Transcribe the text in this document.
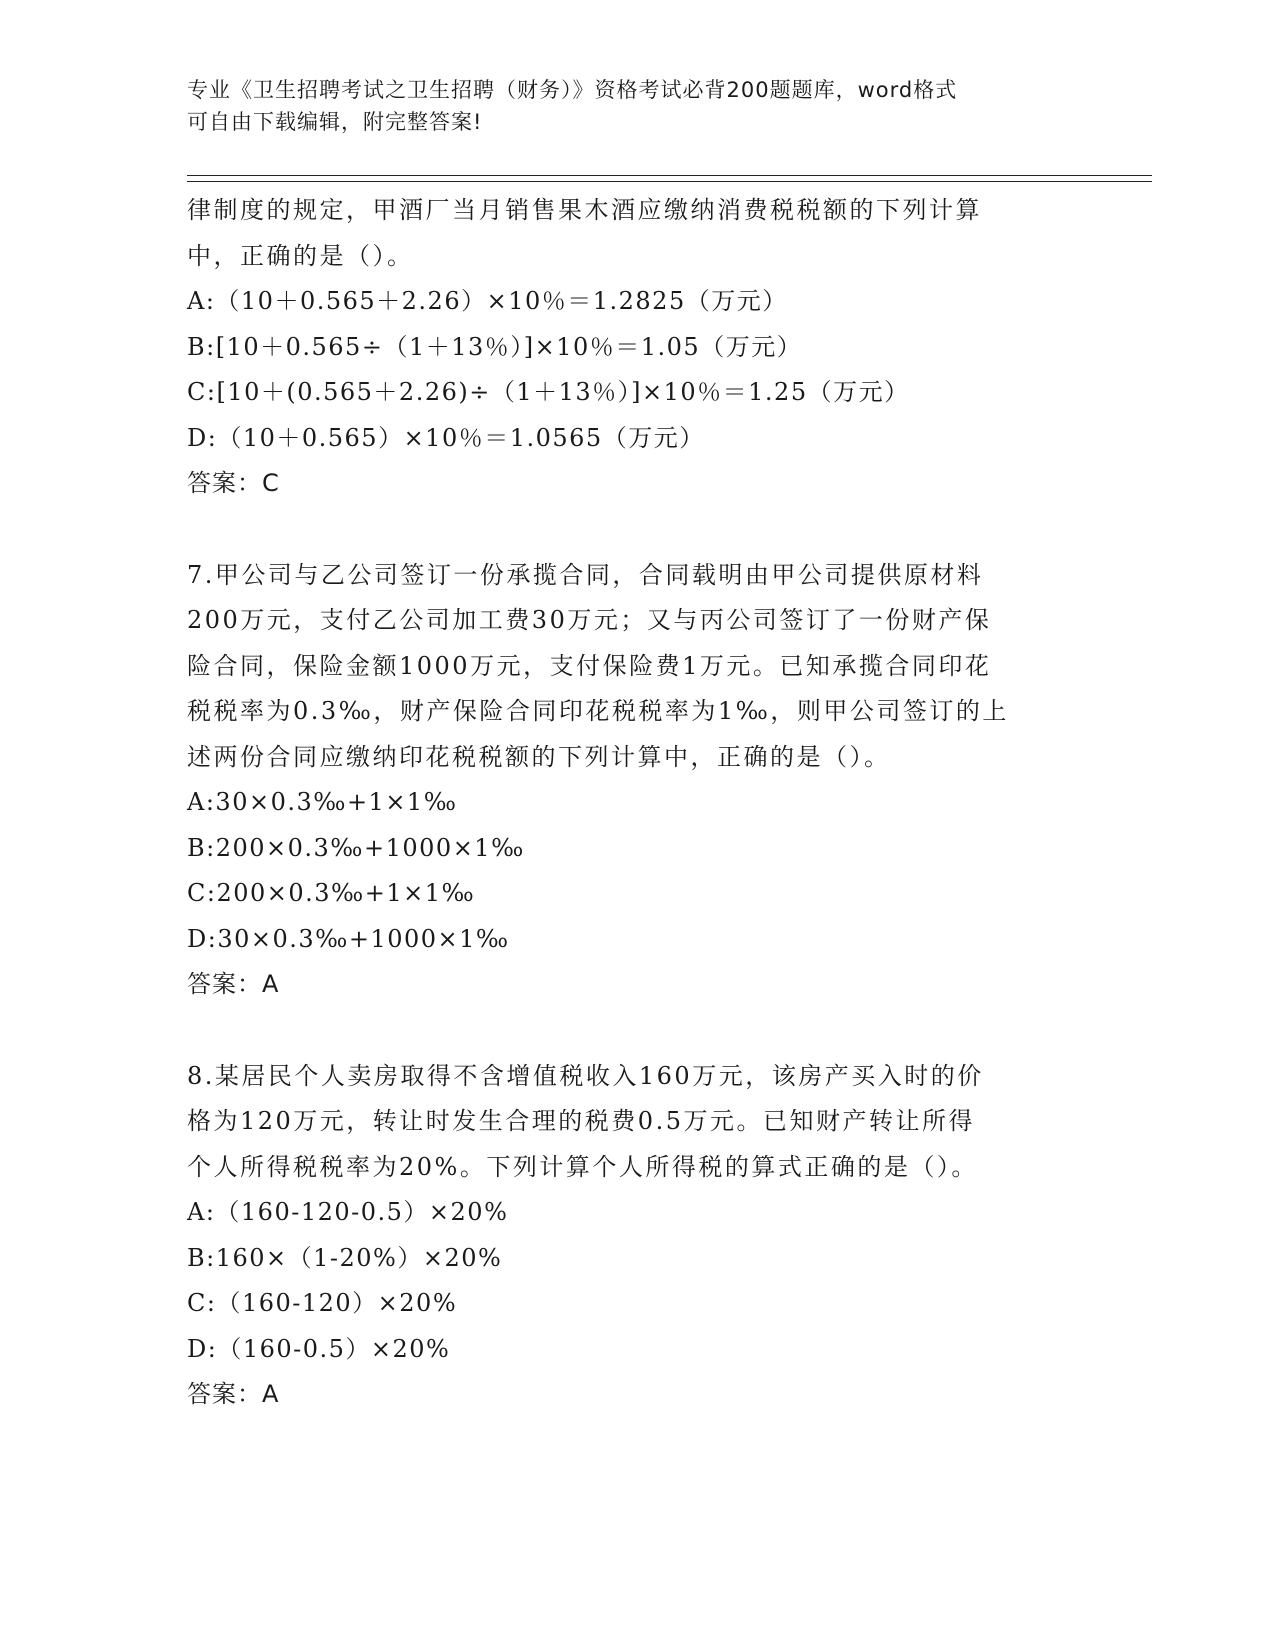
专业《卫生招聘考试之卫生招聘（财务）》资格考试必背200题题库，word格式
可自由下载编辑，附完整答案!

律制度的规定，甲酒厂当月销售果木酒应缴纳消费税税额的下列计算

中，正确的是（）。

A:（10＋0.565＋2.26）×10％＝1.2825（万元）

B:[10＋0.565÷（1＋13％）]×10％＝1.05（万元）

C:[10＋(0.565＋2.26)÷（1＋13％）]×10％＝1.25（万元）

D:（10＋0.565）×10％＝1.0565（万元）

答案：C

7.甲公司与乙公司签订一份承揽合同，合同载明由甲公司提供原材料

200万元，支付乙公司加工费30万元；又与丙公司签订了一份财产保

险合同，保险金额1000万元，支付保险费1万元。已知承揽合同印花

税税率为0.3‰，财产保险合同印花税税率为1‰，则甲公司签订的上

述两份合同应缴纳印花税税额的下列计算中，正确的是（）。

A:30×0.3‰+1×1‰

B:200×0.3‰+1000×1‰

C:200×0.3‰+1×1‰

D:30×0.3‰+1000×1‰

答案：A

8.某居民个人卖房取得不含增值税收入160万元，该房产买入时的价

格为120万元，转让时发生合理的税费0.5万元。已知财产转让所得

个人所得税税率为20%。下列计算个人所得税的算式正确的是（）。

A:（160-120-0.5）×20%

B:160×（1-20%）×20%

C:（160-120）×20%

D:（160-0.5）×20%

答案：A
